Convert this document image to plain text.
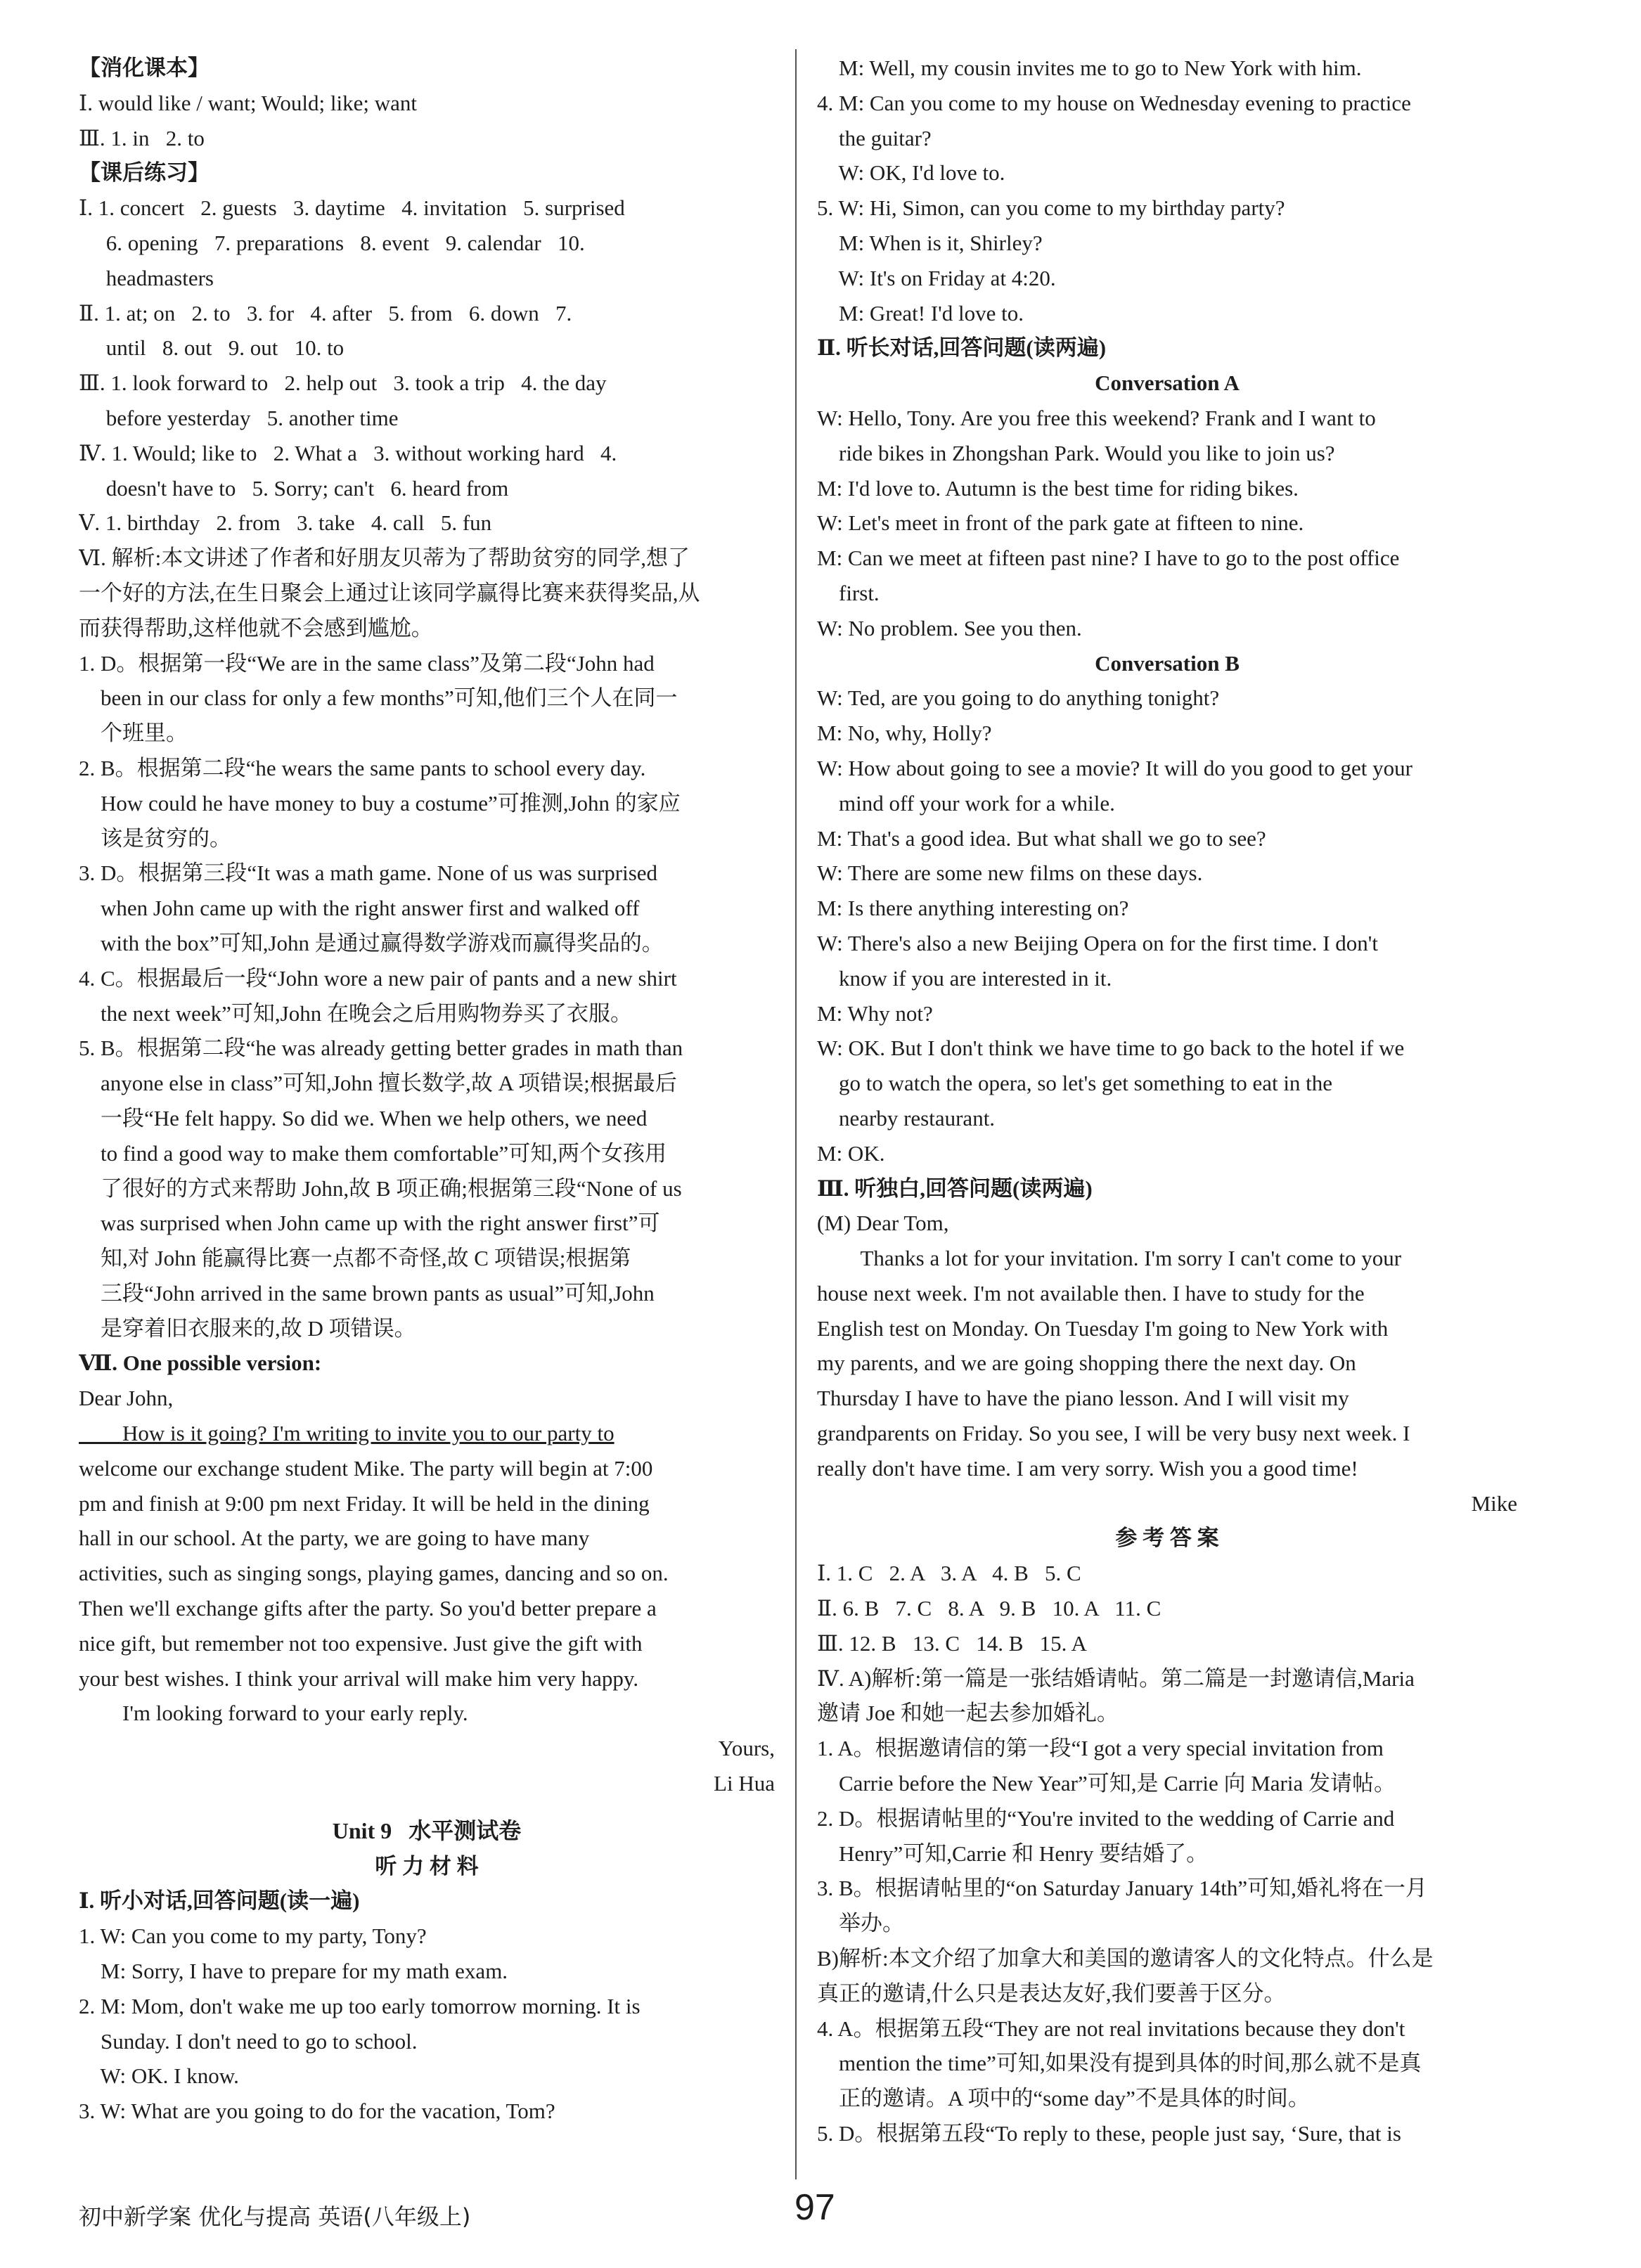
【消化课本】
Ⅰ. would like / want; Would; like; want
Ⅲ. 1. in   2. to
【课后练习】
Ⅰ. 1. concert   2. guests   3. daytime   4. invitation   5. surprised
6. opening   7. preparations   8. event   9. calendar   10.
headmasters
Ⅱ. 1. at; on   2. to   3. for   4. after   5. from   6. down   7.
until   8. out   9. out   10. to
Ⅲ. 1. look forward to   2. help out   3. took a trip   4. the day
before yesterday   5. another time
Ⅳ. 1. Would; like to   2. What a   3. without working hard   4.
doesn't have to   5. Sorry; can't   6. heard from
Ⅴ. 1. birthday   2. from   3. take   4. call   5. fun
Ⅵ. 解析:本文讲述了作者和好朋友贝蒂为了帮助贫穷的同学,想了
一个好的方法,在生日聚会上通过让该同学赢得比赛来获得奖品,从
而获得帮助,这样他就不会感到尴尬。
1. D。根据第一段“We are in the same class”及第二段“John had
been in our class for only a few months”可知,他们三个人在同一
个班里。
2. B。根据第二段“he wears the same pants to school every day.
How could he have money to buy a costume”可推测,John 的家应
该是贫穷的。
3. D。根据第三段“It was a math game. None of us was surprised
when John came up with the right answer first and walked off
with the box”可知,John 是通过赢得数学游戏而赢得奖品的。
4. C。根据最后一段“John wore a new pair of pants and a new shirt
the next week”可知,John 在晚会之后用购物券买了衣服。
5. B。根据第二段“he was already getting better grades in math than
anyone else in class”可知,John 擅长数学,故 A 项错误;根据最后
一段“He felt happy. So did we. When we help others, we need
to find a good way to make them comfortable”可知,两个女孩用
了很好的方式来帮助 John,故 B 项正确;根据第三段“None of us
was surprised when John came up with the right answer first”可
知,对 John 能赢得比赛一点都不奇怪,故 C 项错误;根据第
三段“John arrived in the same brown pants as usual”可知,John
是穿着旧衣服来的,故 D 项错误。
Ⅶ. One possible version:
Dear John,
How is it going? I'm writing to invite you to our party to
welcome our exchange student Mike. The party will begin at 7:00
pm and finish at 9:00 pm next Friday. It will be held in the dining
hall in our school. At the party, we are going to have many
activities, such as singing songs, playing games, dancing and so on.
Then we'll exchange gifts after the party. So you'd better prepare a
nice gift, but remember not too expensive. Just give the gift with
your best wishes. I think your arrival will make him very happy.
I'm looking forward to your early reply.
Yours,
Li Hua
Unit 9   水平测试卷
听 力 材 料
Ⅰ. 听小对话,回答问题(读一遍)
1. W: Can you come to my party, Tony?
M: Sorry, I have to prepare for my math exam.
2. M: Mom, don't wake me up too early tomorrow morning. It is
Sunday. I don't need to go to school.
W: OK. I know.
3. W: What are you going to do for the vacation, Tom?
M: Well, my cousin invites me to go to New York with him.
4. M: Can you come to my house on Wednesday evening to practice
the guitar?
W: OK, I'd love to.
5. W: Hi, Simon, can you come to my birthday party?
M: When is it, Shirley?
W: It's on Friday at 4:20.
M: Great! I'd love to.
Ⅱ. 听长对话,回答问题(读两遍)
Conversation A
W: Hello, Tony. Are you free this weekend? Frank and I want to
ride bikes in Zhongshan Park. Would you like to join us?
M: I'd love to. Autumn is the best time for riding bikes.
W: Let's meet in front of the park gate at fifteen to nine.
M: Can we meet at fifteen past nine? I have to go to the post office
first.
W: No problem. See you then.
Conversation B
W: Ted, are you going to do anything tonight?
M: No, why, Holly?
W: How about going to see a movie? It will do you good to get your
mind off your work for a while.
M: That's a good idea. But what shall we go to see?
W: There are some new films on these days.
M: Is there anything interesting on?
W: There's also a new Beijing Opera on for the first time. I don't
know if you are interested in it.
M: Why not?
W: OK. But I don't think we have time to go back to the hotel if we
go to watch the opera, so let's get something to eat in the
nearby restaurant.
M: OK.
Ⅲ. 听独白,回答问题(读两遍)
(M) Dear Tom,
Thanks a lot for your invitation. I'm sorry I can't come to your
house next week. I'm not available then. I have to study for the
English test on Monday. On Tuesday I'm going to New York with
my parents, and we are going shopping there the next day. On
Thursday I have to have the piano lesson. And I will visit my
grandparents on Friday. So you see, I will be very busy next week. I
really don't have time. I am very sorry. Wish you a good time!
Mike
参 考 答 案
Ⅰ. 1. C   2. A   3. A   4. B   5. C
Ⅱ. 6. B   7. C   8. A   9. B   10. A   11. C
Ⅲ. 12. B   13. C   14. B   15. A
Ⅳ. A)解析:第一篇是一张结婚请帖。第二篇是一封邀请信,Maria
邀请 Joe 和她一起去参加婚礼。
1. A。根据邀请信的第一段“I got a very special invitation from
Carrie before the New Year”可知,是 Carrie 向 Maria 发请帖。
2. D。根据请帖里的“You're invited to the wedding of Carrie and
Henry”可知,Carrie 和 Henry 要结婚了。
3. B。根据请帖里的“on Saturday January 14th”可知,婚礼将在一月
举办。
B)解析:本文介绍了加拿大和美国的邀请客人的文化特点。什么是
真正的邀请,什么只是表达友好,我们要善于区分。
4. A。根据第五段“They are not real invitations because they don't
mention the time”可知,如果没有提到具体的时间,那么就不是真
正的邀请。A 项中的“some day”不是具体的时间。
5. D。根据第五段“To reply to these, people just say, ‘Sure, that is
初中新学案 优化与提高 英语(八年级上)	97
